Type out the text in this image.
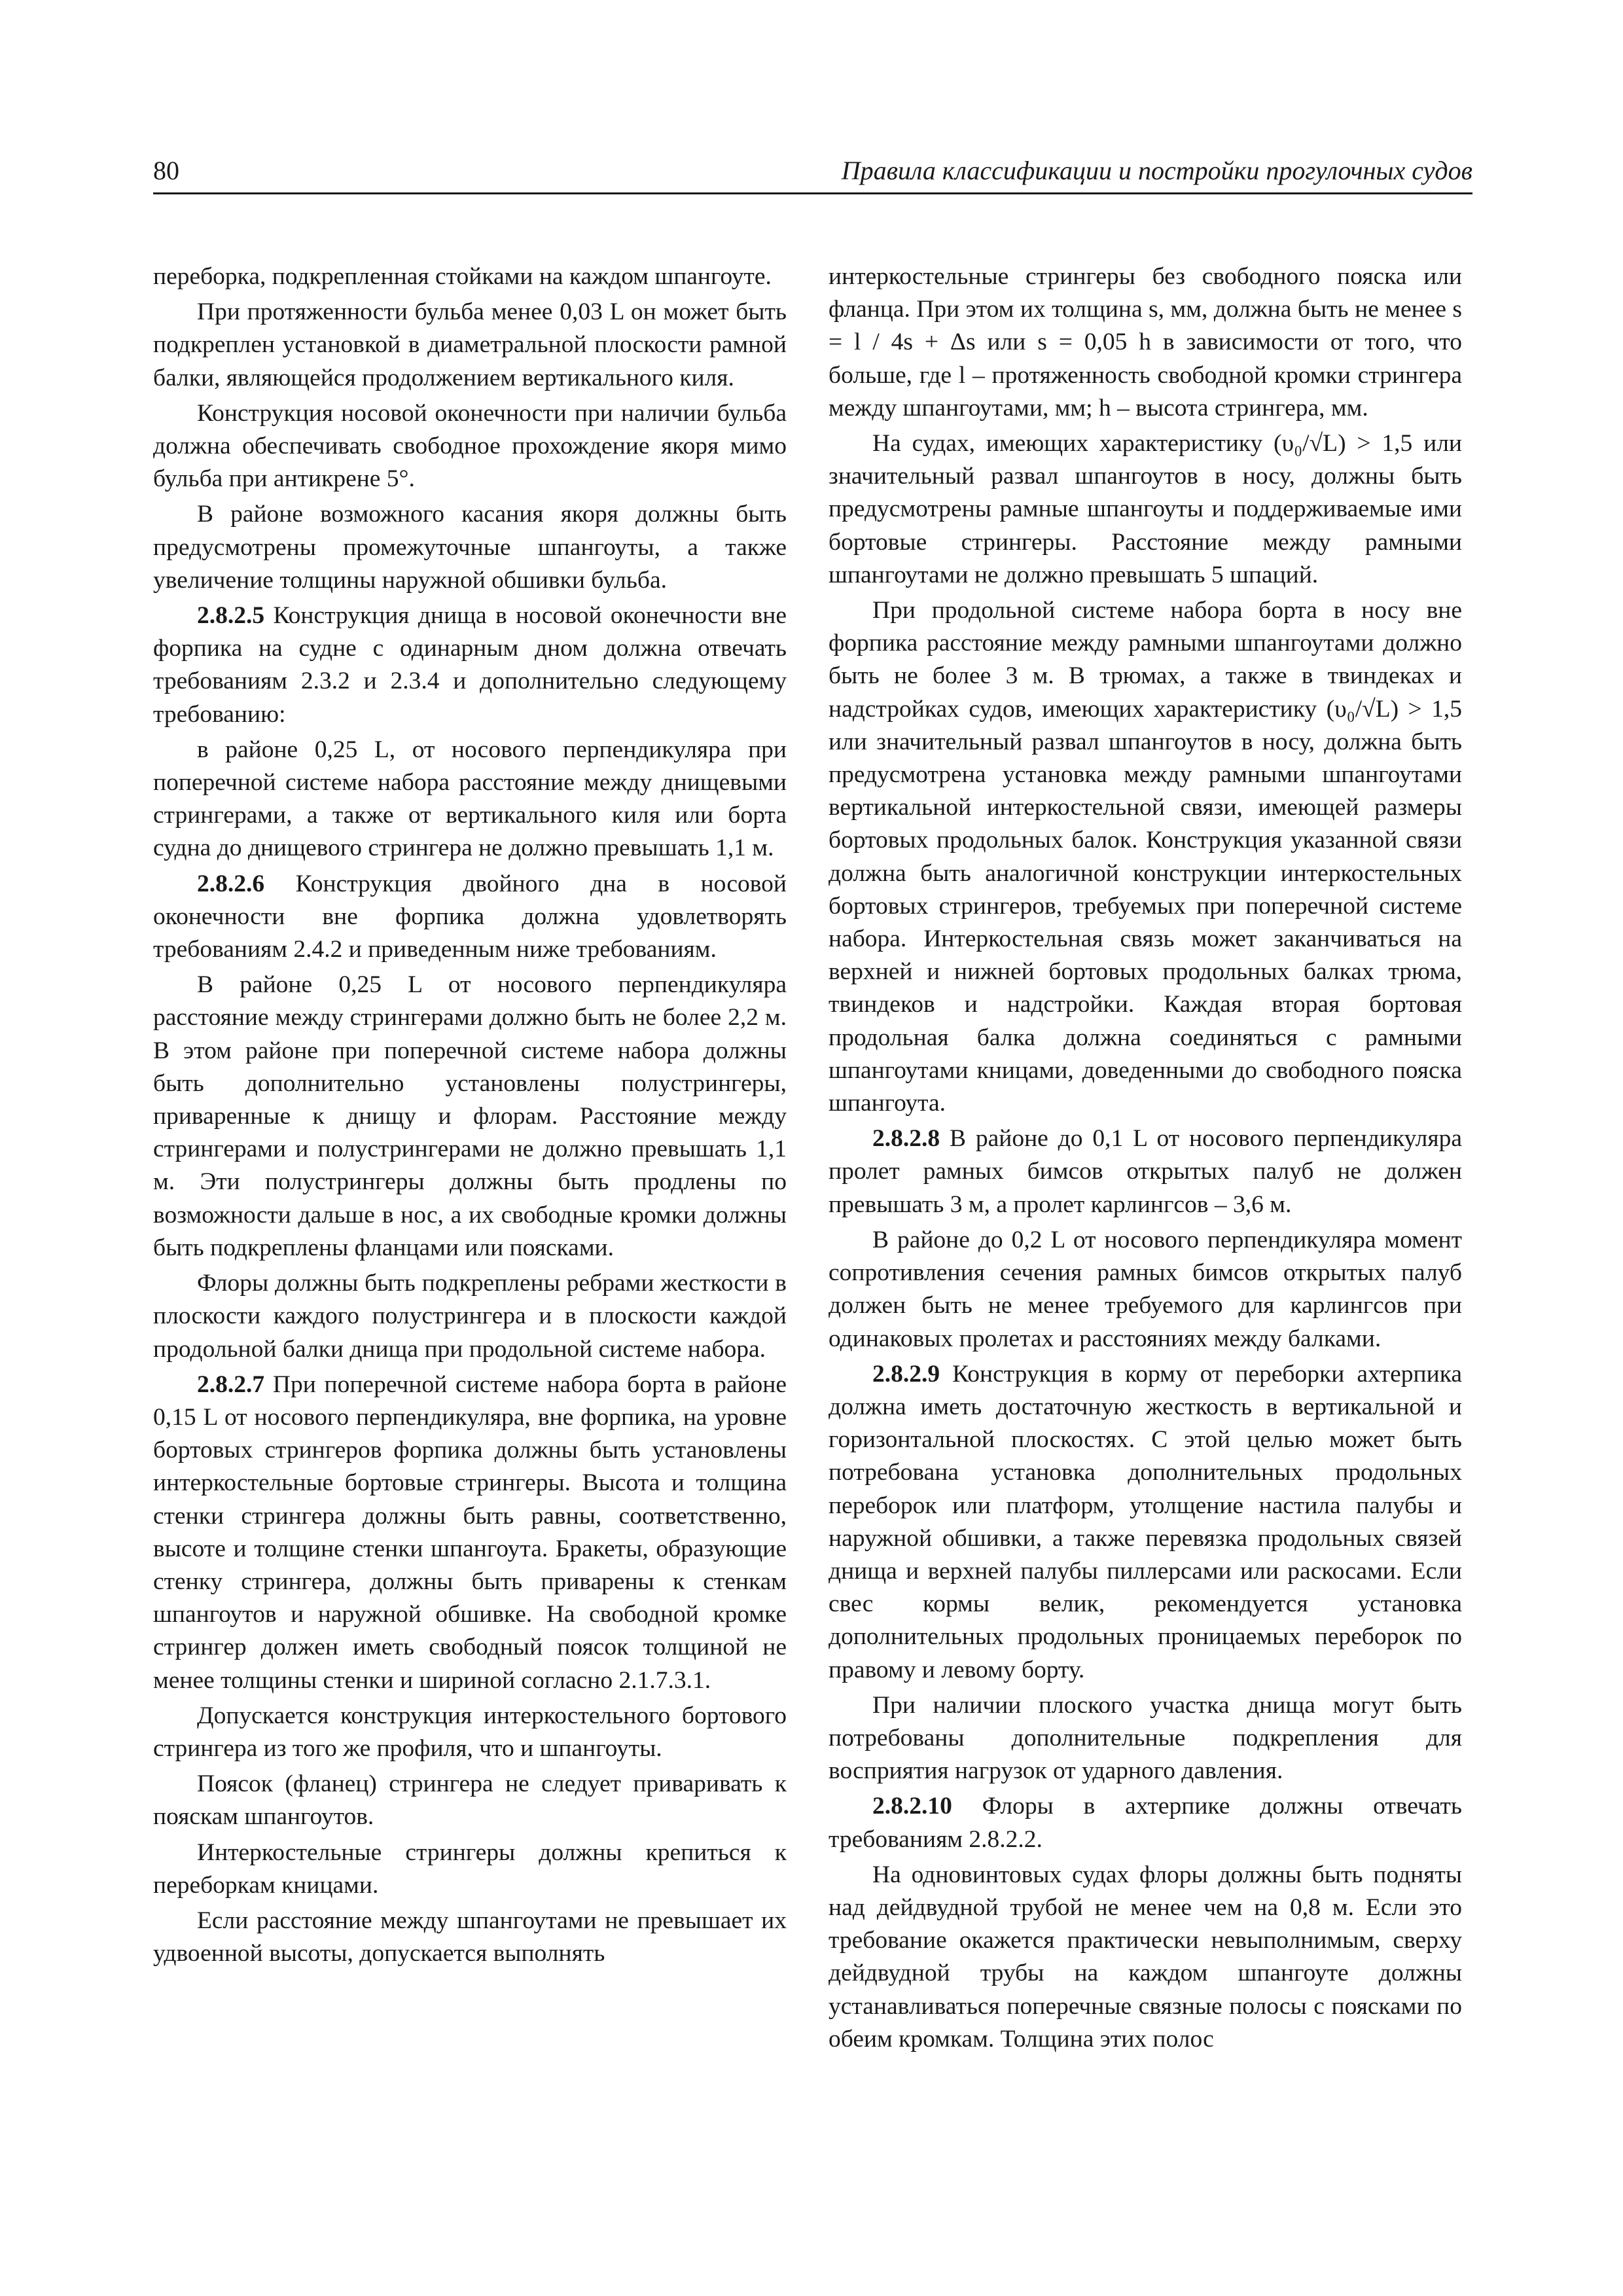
80	Правила классификации и постройки прогулочных судов

переборка, подкрепленная стойками на каждом шпангоуте.

При протяженности бульба менее 0,03 L он может быть подкреплен установкой в диаметральной плоскости рамной балки, являющейся продолжением вертикального киля.

Конструкция носовой оконечности при наличии бульба должна обеспечивать свободное прохождение якоря мимо бульба при антикрене 5°.

В районе возможного касания якоря должны быть предусмотрены промежуточные шпангоуты, а также увеличение толщины наружной обшивки бульба.

2.8.2.5 Конструкция днища в носовой оконечности вне форпика на судне с одинарным дном должна отвечать требованиям 2.3.2 и 2.3.4 и дополнительно следующему требованию:

в районе 0,25 L, от носового перпендикуляра при поперечной системе набора расстояние между днищевыми стрингерами, а также от вертикального киля или борта судна до днищевого стрингера не должно превышать 1,1 м.

2.8.2.6 Конструкция двойного дна в носовой оконечности вне форпика должна удовлетворять требованиям 2.4.2 и приведенным ниже требованиям.

В районе 0,25 L от носового перпендикуляра расстояние между стрингерами должно быть не более 2,2 м. В этом районе при поперечной системе набора должны быть дополнительно установлены полустрингеры, приваренные к днищу и флорам. Расстояние между стрингерами и полустрингерами не должно превышать 1,1 м. Эти полустрингеры должны быть продлены по возможности дальше в нос, а их свободные кромки должны быть подкреплены фланцами или поясками.

Флоры должны быть подкреплены ребрами жесткости в плоскости каждого полустрингера и в плоскости каждой продольной балки днища при продольной системе набора.

2.8.2.7 При поперечной системе набора борта в районе 0,15 L от носового перпендикуляра, вне форпика, на уровне бортовых стрингеров форпика должны быть установлены интеркостельные бортовые стрингеры. Высота и толщина стенки стрингера должны быть равны, соответственно, высоте и толщине стенки шпангоута. Бракеты, образующие стенку стрингера, должны быть приварены к стенкам шпангоутов и наружной обшивке. На свободной кромке стрингер должен иметь свободный поясок толщиной не менее толщины стенки и шириной согласно 2.1.7.3.1.

Допускается конструкция интеркостельного бортового стрингера из того же профиля, что и шпангоуты.

Поясок (фланец) стрингера не следует приваривать к пояскам шпангоутов.

Интеркостельные стрингеры должны крепиться к переборкам кницами.

Если расстояние между шпангоутами не превышает их удвоенной высоты, допускается выполнять

интеркостельные стрингеры без свободного пояска или фланца. При этом их толщина s, мм, должна быть не менее s = l / 4s + Δs или s = 0,05 h в зависимости от того, что больше, где l – протяженность свободной кромки стрингера между шпангоутами, мм; h – высота стрингера, мм.

На судах, имеющих характеристику (υ₀/√L) > 1,5 или значительный развал шпангоутов в носу, должны быть предусмотрены рамные шпангоуты и поддерживаемые ими бортовые стрингеры. Расстояние между рамными шпангоутами не должно превышать 5 шпаций.

При продольной системе набора борта в носу вне форпика расстояние между рамными шпангоутами должно быть не более 3 м. В трюмах, а также в твиндеках и надстройках судов, имеющих характеристику (υ₀/√L) > 1,5 или значительный развал шпангоутов в носу, должна быть предусмотрена установка между рамными шпангоутами вертикальной интеркостельной связи, имеющей размеры бортовых продольных балок. Конструкция указанной связи должна быть аналогичной конструкции интеркостельных бортовых стрингеров, требуемых при поперечной системе набора. Интеркостельная связь может заканчиваться на верхней и нижней бортовых продольных балках трюма, твиндеков и надстройки. Каждая вторая бортовая продольная балка должна соединяться с рамными шпангоутами кницами, доведенными до свободного пояска шпангоута.

2.8.2.8 В районе до 0,1 L от носового перпендикуляра пролет рамных бимсов открытых палуб не должен превышать 3 м, а пролет карлингсов – 3,6 м.

В районе до 0,2 L от носового перпендикуляра момент сопротивления сечения рамных бимсов открытых палуб должен быть не менее требуемого для карлингсов при одинаковых пролетах и расстояниях между балками.

2.8.2.9 Конструкция в корму от переборки ахтерпика должна иметь достаточную жесткость в вертикальной и горизонтальной плоскостях. С этой целью может быть потребована установка дополнительных продольных переборок или платформ, утолщение настила палубы и наружной обшивки, а также перевязка продольных связей днища и верхней палубы пиллерсами или раскосами. Если свес кормы велик, рекомендуется установка дополнительных продольных проницаемых переборок по правому и левому борту.

При наличии плоского участка днища могут быть потребованы дополнительные подкрепления для восприятия нагрузок от ударного давления.

2.8.2.10 Флоры в ахтерпике должны отвечать требованиям 2.8.2.2.

На одновинтовых судах флоры должны быть подняты над дейдвудной трубой не менее чем на 0,8 м. Если это требование окажется практически невыполнимым, сверху дейдвудной трубы на каждом шпангоуте должны устанавливаться поперечные связные полосы с поясками по обеим кромкам. Толщина этих полос
